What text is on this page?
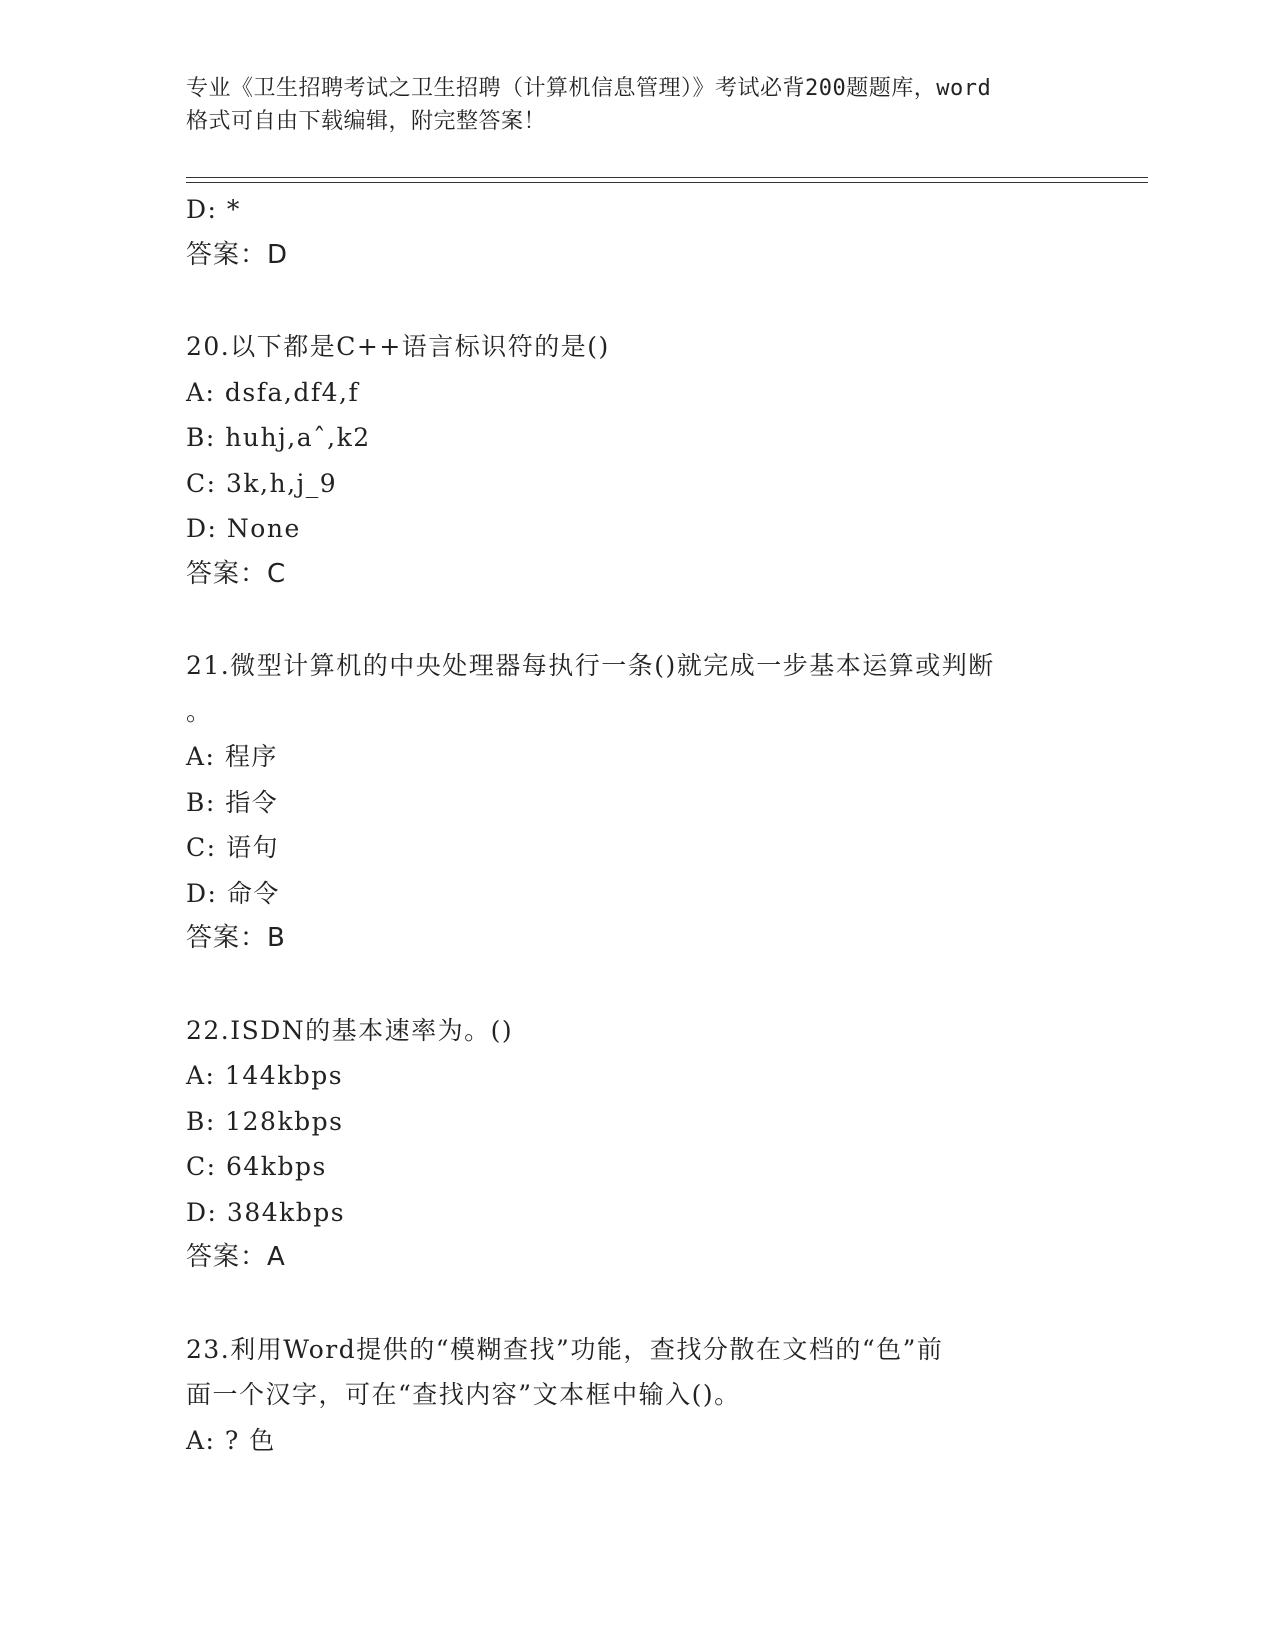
专业《卫生招聘考试之卫生招聘（计算机信息管理）》考试必背200题题库，word
格式可自由下载编辑，附完整答案！
D: *
答案：D
20.以下都是C++语言标识符的是()
A: dsfa,df4,f
B: huhj,aˆ,k2
C: 3k,h,j_9
D: None
答案：C
21.微型计算机的中央处理器每执行一条()就完成一步基本运算或判断
。
A: 程序
B: 指令
C: 语句
D: 命令
答案：B
22.ISDN的基本速率为。()
A: 144kbps
B: 128kbps
C: 64kbps
D: 384kbps
答案：A
23.利用Word提供的“模糊查找”功能，查找分散在文档的“色”前
面一个汉字，可在“查找内容”文本框中输入()。
A: ? 色
